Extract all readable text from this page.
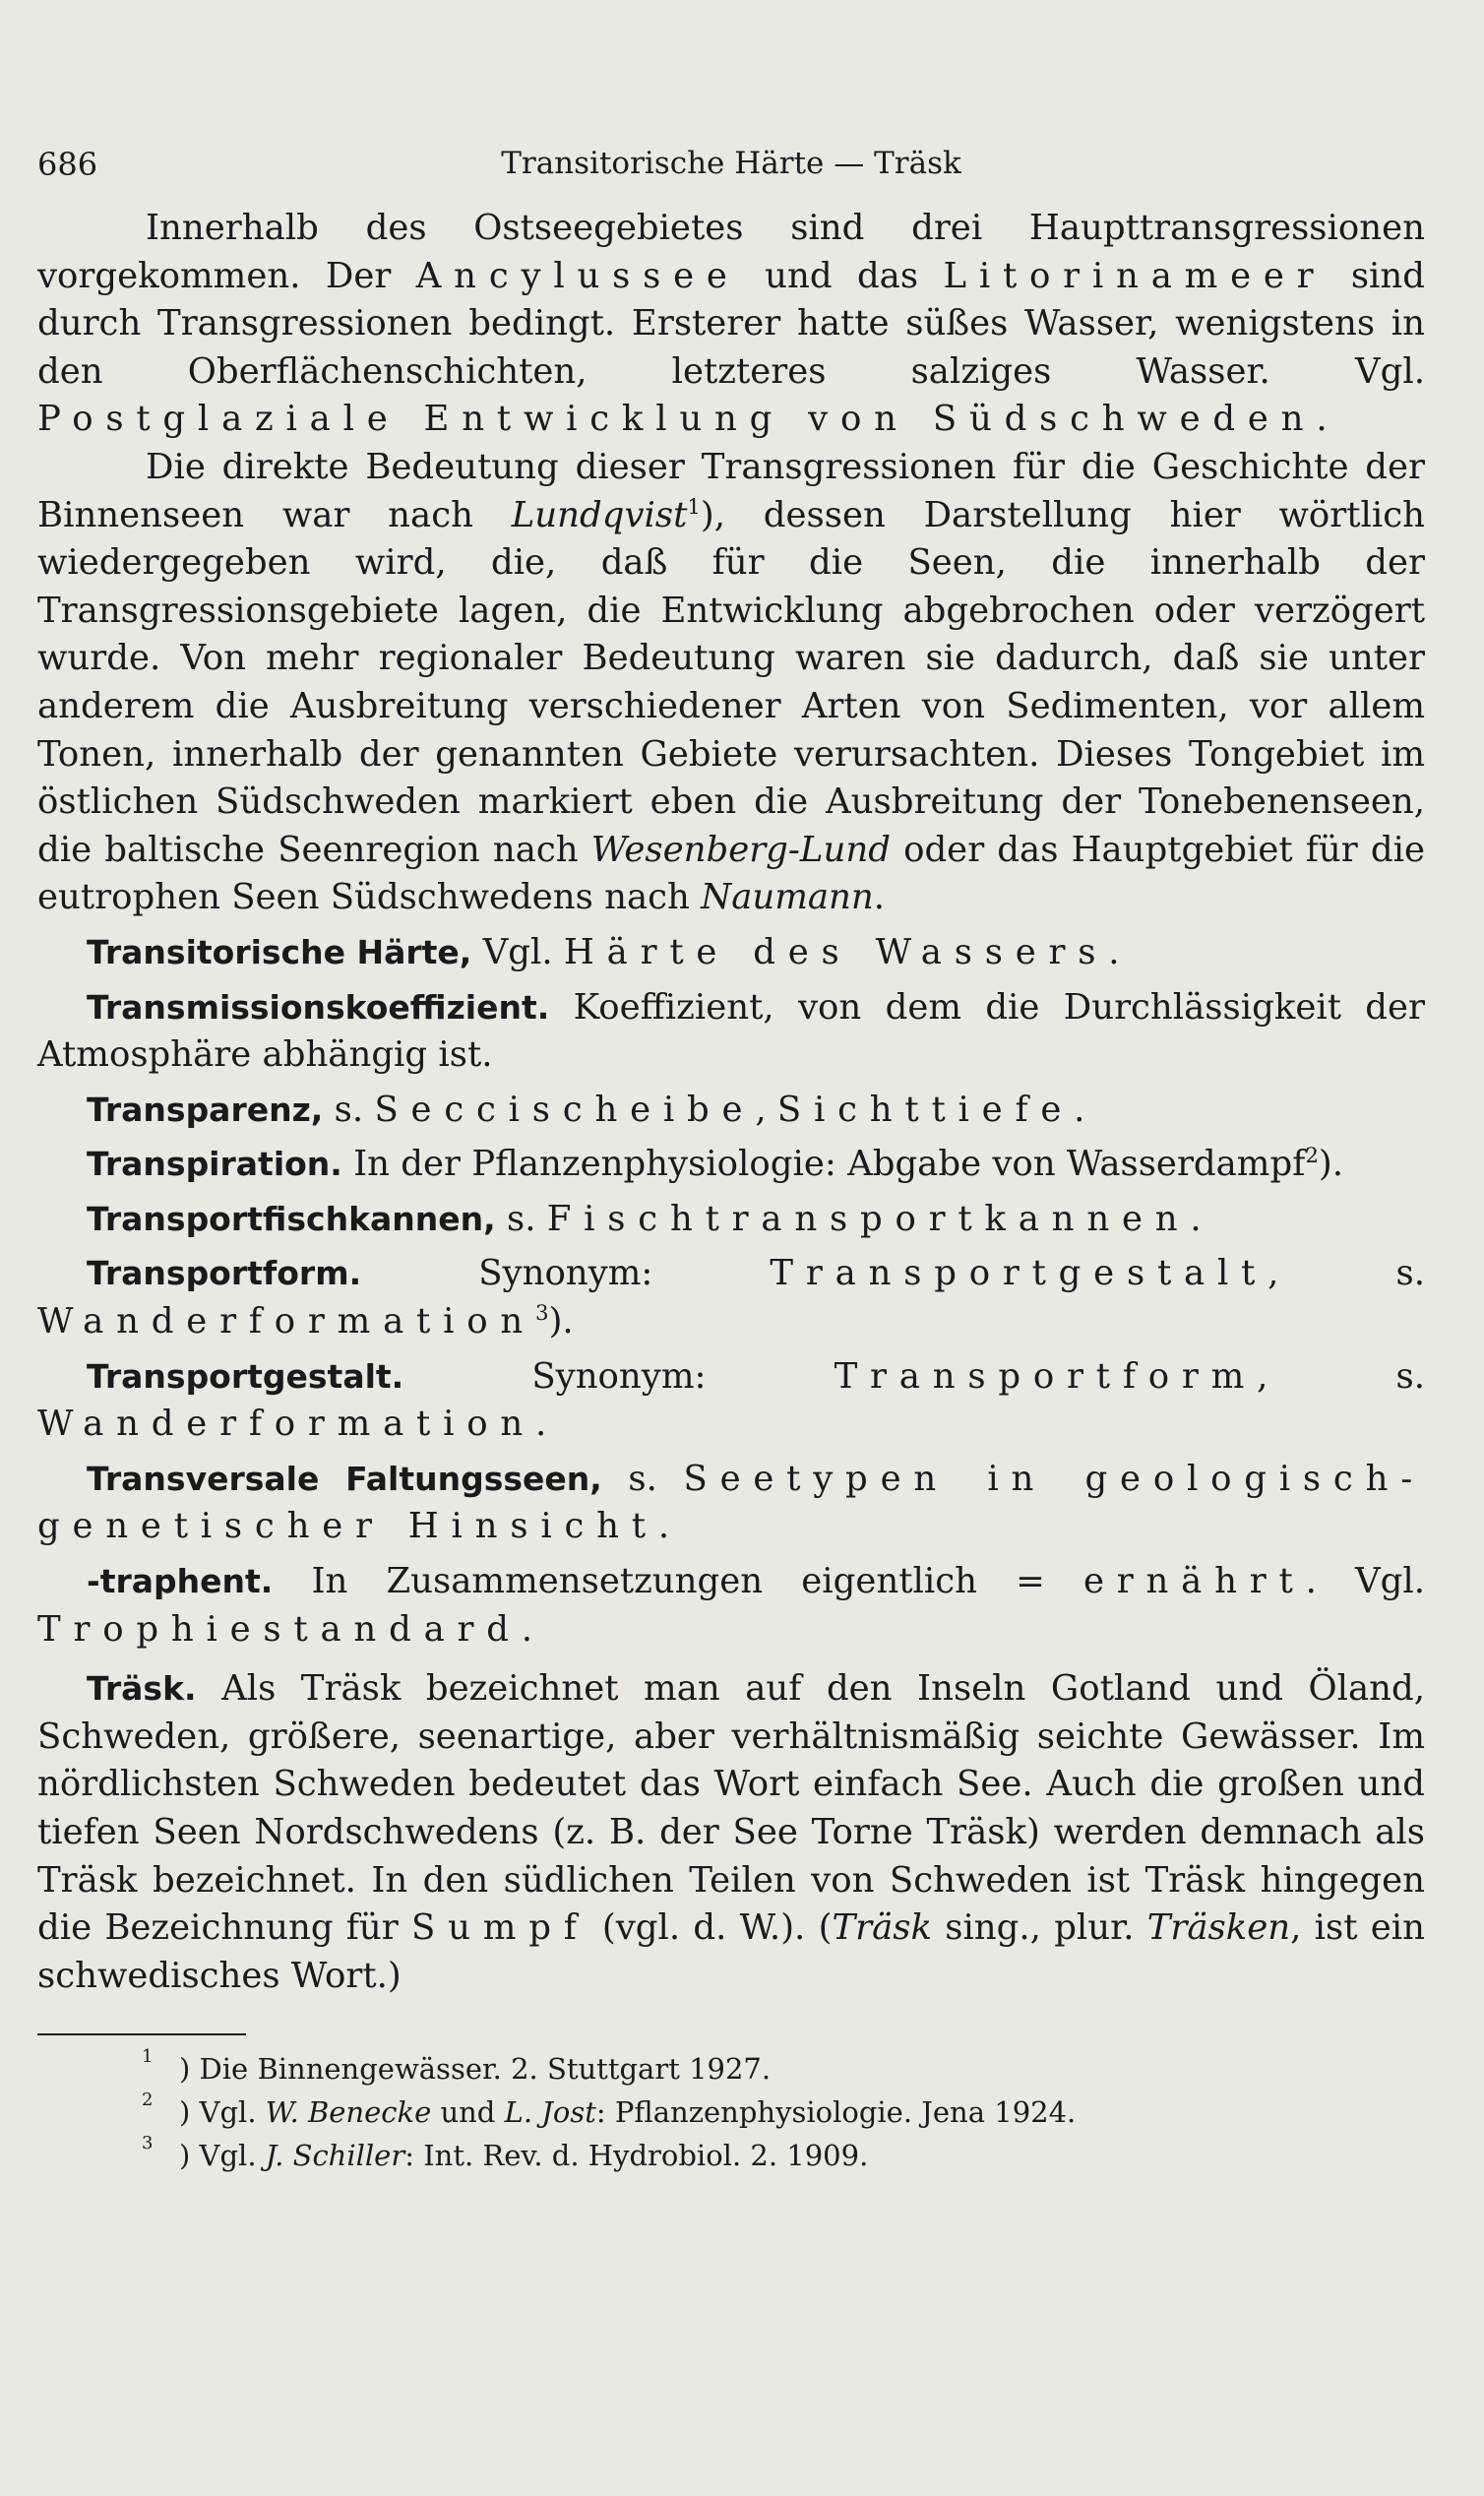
686	Transitorische Härte — Träsk

Innerhalb des Ostseegebietes sind drei Haupttransgressionen vorgekommen. Der Ancylussee und das Litorinameer sind durch Transgressionen bedingt. Ersterer hatte süßes Wasser, wenigstens in den Oberflächenschichten, letzteres salziges Wasser. Vgl. Postglaziale Entwicklung von Südschweden.

Die direkte Bedeutung dieser Transgressionen für die Geschichte der Binnenseen war nach Lundqvist$^1$), dessen Darstellung hier wörtlich wiedergegeben wird, die, daß für die Seen, die innerhalb der Transgressionsgebiete lagen, die Entwicklung abgebrochen oder verzögert wurde. Von mehr regionaler Bedeutung waren sie dadurch, daß sie unter anderem die Ausbreitung verschiedener Arten von Sedimenten, vor allem Tonen, innerhalb der genannten Gebiete verursachten. Dieses Tongebiet im östlichen Südschweden markiert eben die Ausbreitung der Tonebenenseen, die baltische Seenregion nach Wesenberg-Lund oder das Hauptgebiet für die eutrophen Seen Südschwedens nach Naumann.

Transitorische Härte, Vgl. Härte des Wassers.

Transmissionskoeffizient. Koeffizient, von dem die Durchlässigkeit der Atmosphäre abhängig ist.

Transparenz, s. Seccischeibe, Sichttiefe.

Transpiration. In der Pflanzenphysiologie: Abgabe von Wasserdampf$^2$).

Transportfischkannen, s. Fischtransportkannen.

Transportform. Synonym: Transportgestalt, s. Wanderformation$^3$).

Transportgestalt. Synonym: Transportform, s. Wanderformation.

Transversale Faltungsseen, s. Seetypen in geologisch-genetischer Hinsicht.

-traphent. In Zusammensetzungen eigentlich = ernährt. Vgl. Trophiestandard.

Träsk. Als Träsk bezeichnet man auf den Inseln Gotland und Öland, Schweden, größere, seenartige, aber verhältnismäßig seichte Gewässer. Im nördlichsten Schweden bedeutet das Wort einfach See. Auch die großen und tiefen Seen Nordschwedens (z. B. der See Torne Träsk) werden demnach als Träsk bezeichnet. In den südlichen Teilen von Schweden ist Träsk hingegen die Bezeichnung für Sumpf (vgl. d. W.). (Träsk sing., plur. Träsken, ist ein schwedisches Wort.)

1 ) Die Binnengewässer. 2. Stuttgart 1927.
2 ) Vgl. W. Benecke und L. Jost: Pflanzenphysiologie. Jena 1924.
3 ) Vgl. J. Schiller: Int. Rev. d. Hydrobiol. 2. 1909.
